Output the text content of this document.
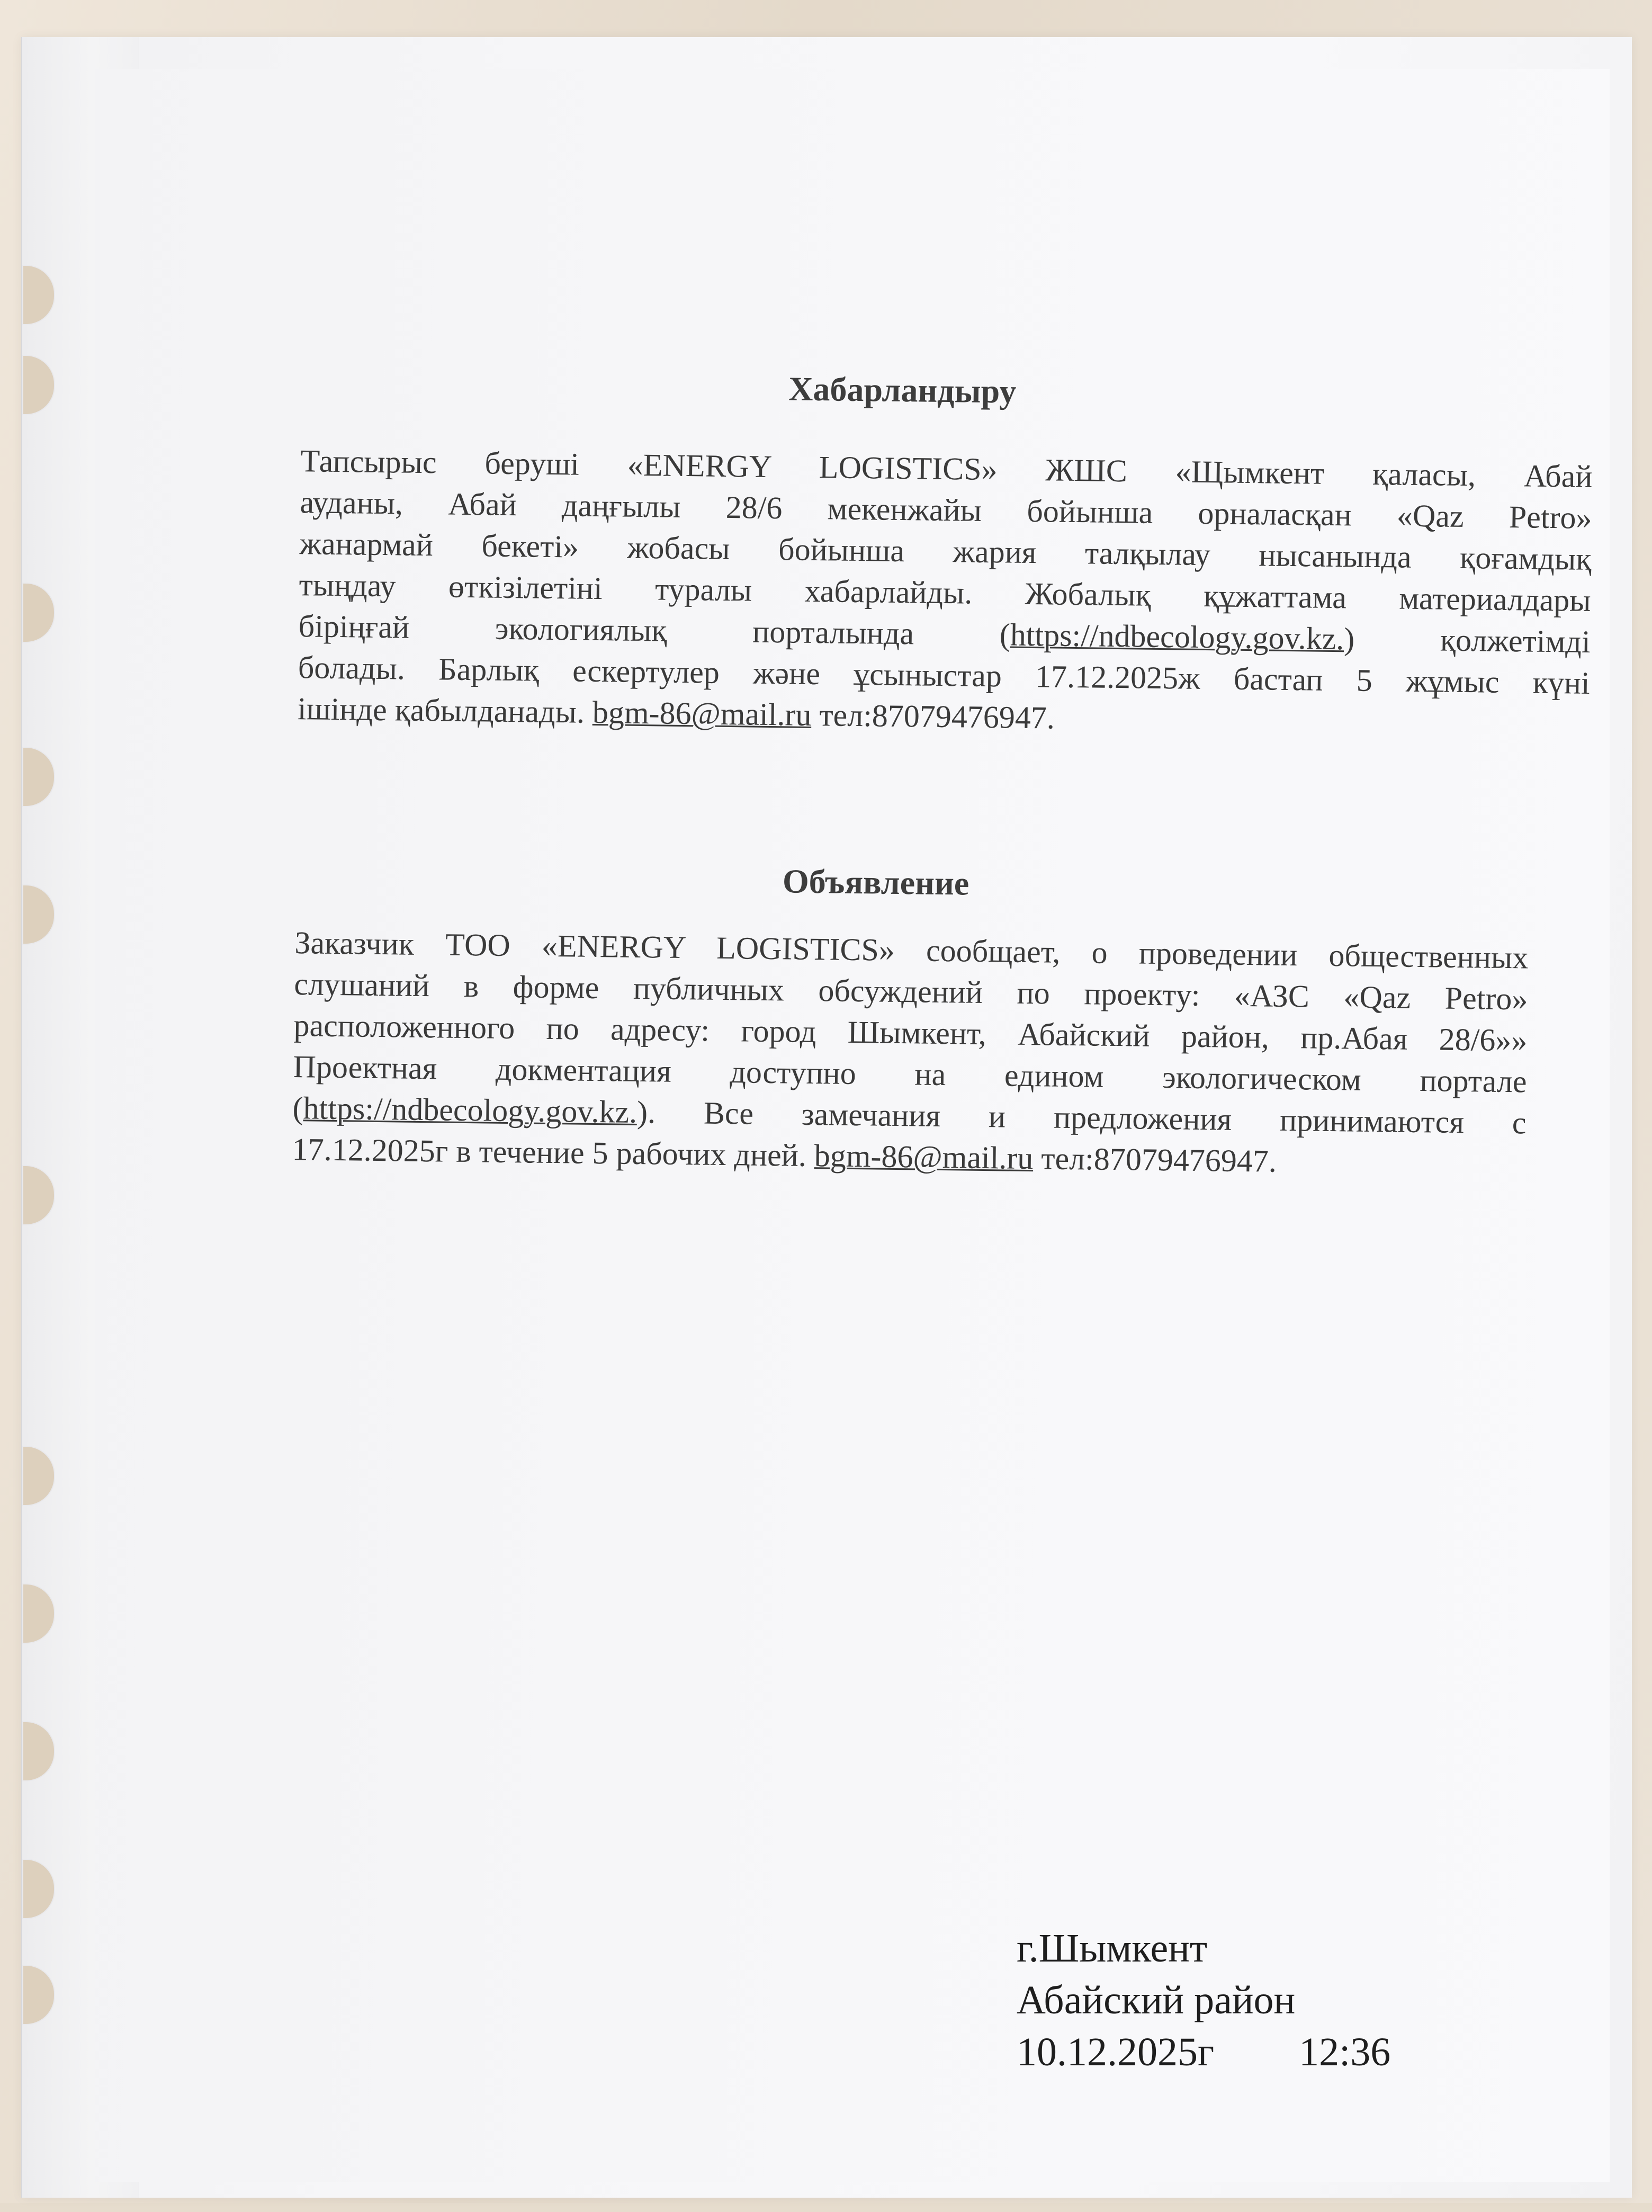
Хабарландыру
Тапсырыс беруші «ENERGY LOGISTICS» ЖШС «Щымкент қаласы, Абай
ауданы, Абай даңғылы 28/6 мекенжайы бойынша орналасқан «Qaz Petro»
жанармай бекеті» жобасы бойынша жария талқылау нысанында қоғамдық
тыңдау өткізілетіні туралы хабарлайды. Жобалық құжаттама материалдары
біріңғай экологиялық порталында (https://ndbecology.gov.kz.) қолжетімді
болады. Барлық ескертулер және ұсыныстар 17.12.2025ж бастап 5 жұмыс күні
ішінде қабылданады. bgm-86@mail.ru тел:87079476947.
Объявление
Заказчик ТОО «ENERGY LOGISTICS» сообщает, о проведении общественных
слушаний в форме публичных обсуждений по проекту: «АЗС «Qaz Petro»
расположенного по адресу: город Шымкент, Абайский район, пр.Абая 28/6»»
Проектная докментация доступно на едином экологическом портале
(https://ndbecology.gov.kz.). Все замечания и предложения принимаются с
17.12.2025г в течение 5 рабочих дней. bgm-86@mail.ru тел:87079476947.
г.Шымкент
Абайский район
10.12.2025г 12:36
